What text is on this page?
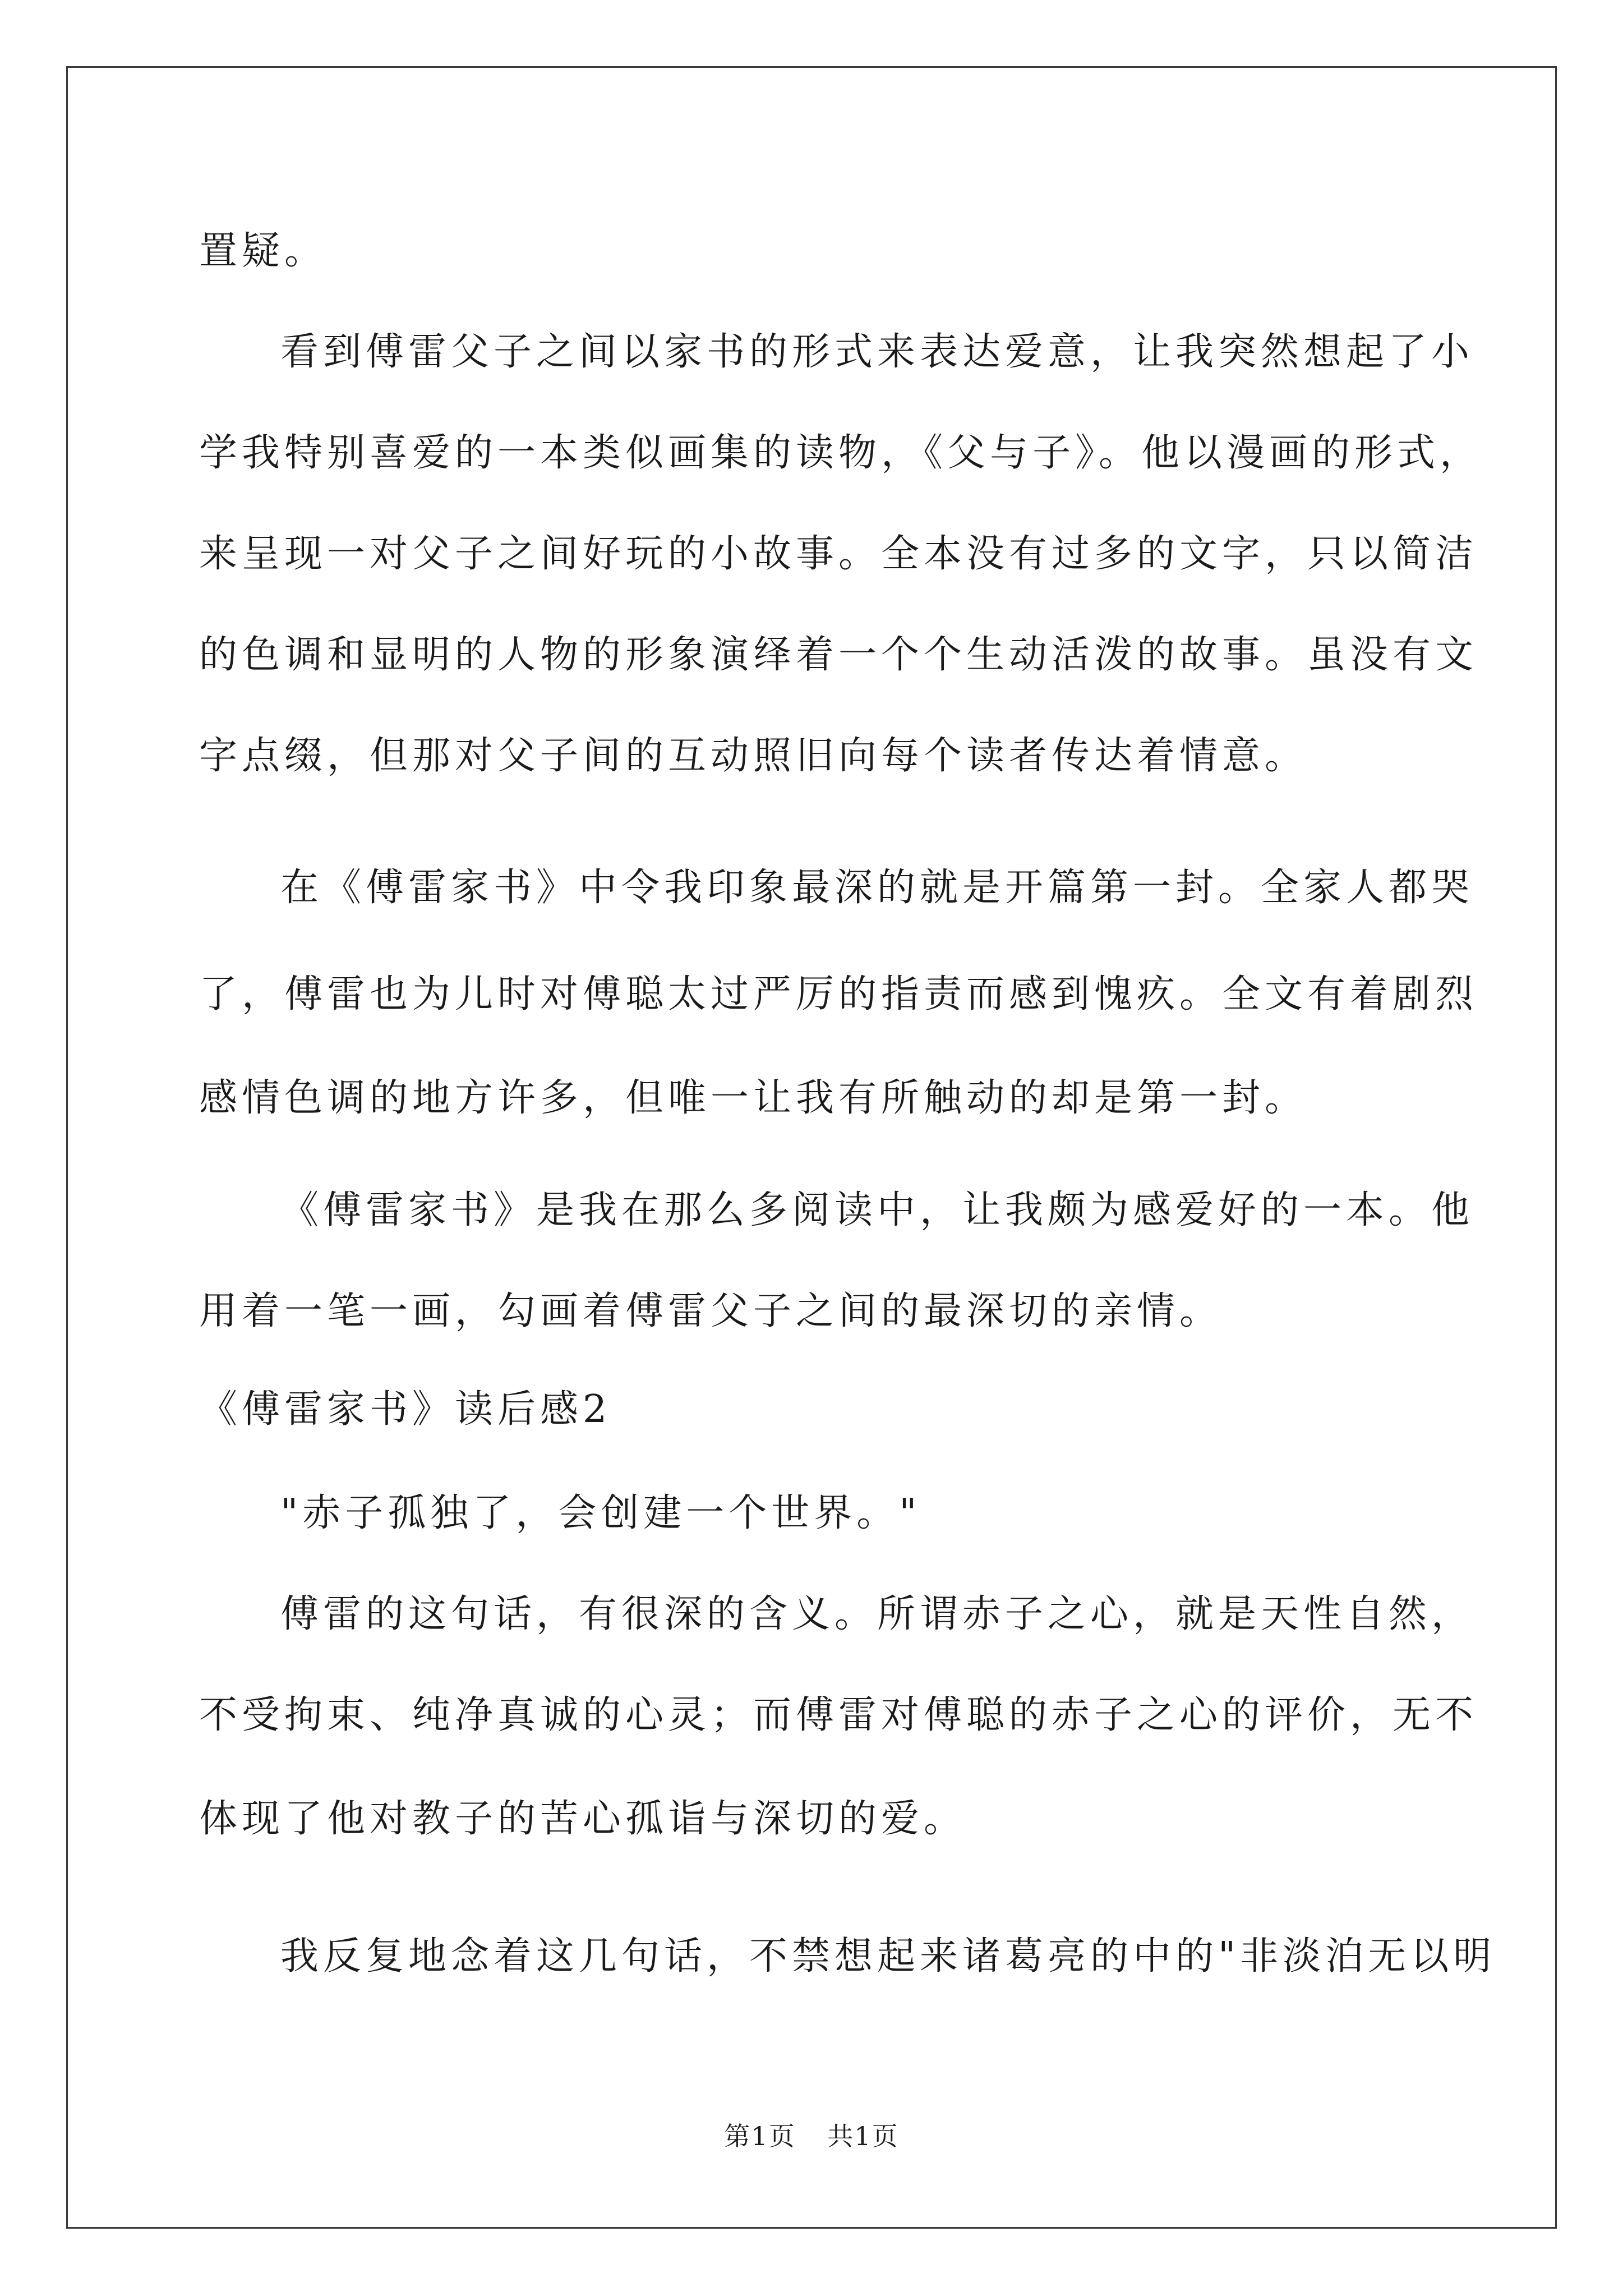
置疑。
看到傅雷父子之间以家书的形式来表达爱意，让我突然想起了小
学我特别喜爱的一本类似画集的读物，《父与子》。他以漫画的形式，
来呈现一对父子之间好玩的小故事。全本没有过多的文字，只以简洁
的色调和显明的人物的形象演绎着一个个生动活泼的故事。虽没有文
字点缀，但那对父子间的互动照旧向每个读者传达着情意。
在《傅雷家书》中令我印象最深的就是开篇第一封。全家人都哭
了，傅雷也为儿时对傅聪太过严厉的指责而感到愧疚。全文有着剧烈
感情色调的地方许多，但唯一让我有所触动的却是第一封。
《傅雷家书》是我在那么多阅读中，让我颇为感爱好的一本。他
用着一笔一画，勾画着傅雷父子之间的最深切的亲情。
《傅雷家书》读后感2
"赤子孤独了，会创建一个世界。"
傅雷的这句话，有很深的含义。所谓赤子之心，就是天性自然，
不受拘束、纯净真诚的心灵；而傅雷对傅聪的赤子之心的评价，无不
体现了他对教子的苦心孤诣与深切的爱。
我反复地念着这几句话，不禁想起来诸葛亮的中的"非淡泊无以明
第1页 共1页
